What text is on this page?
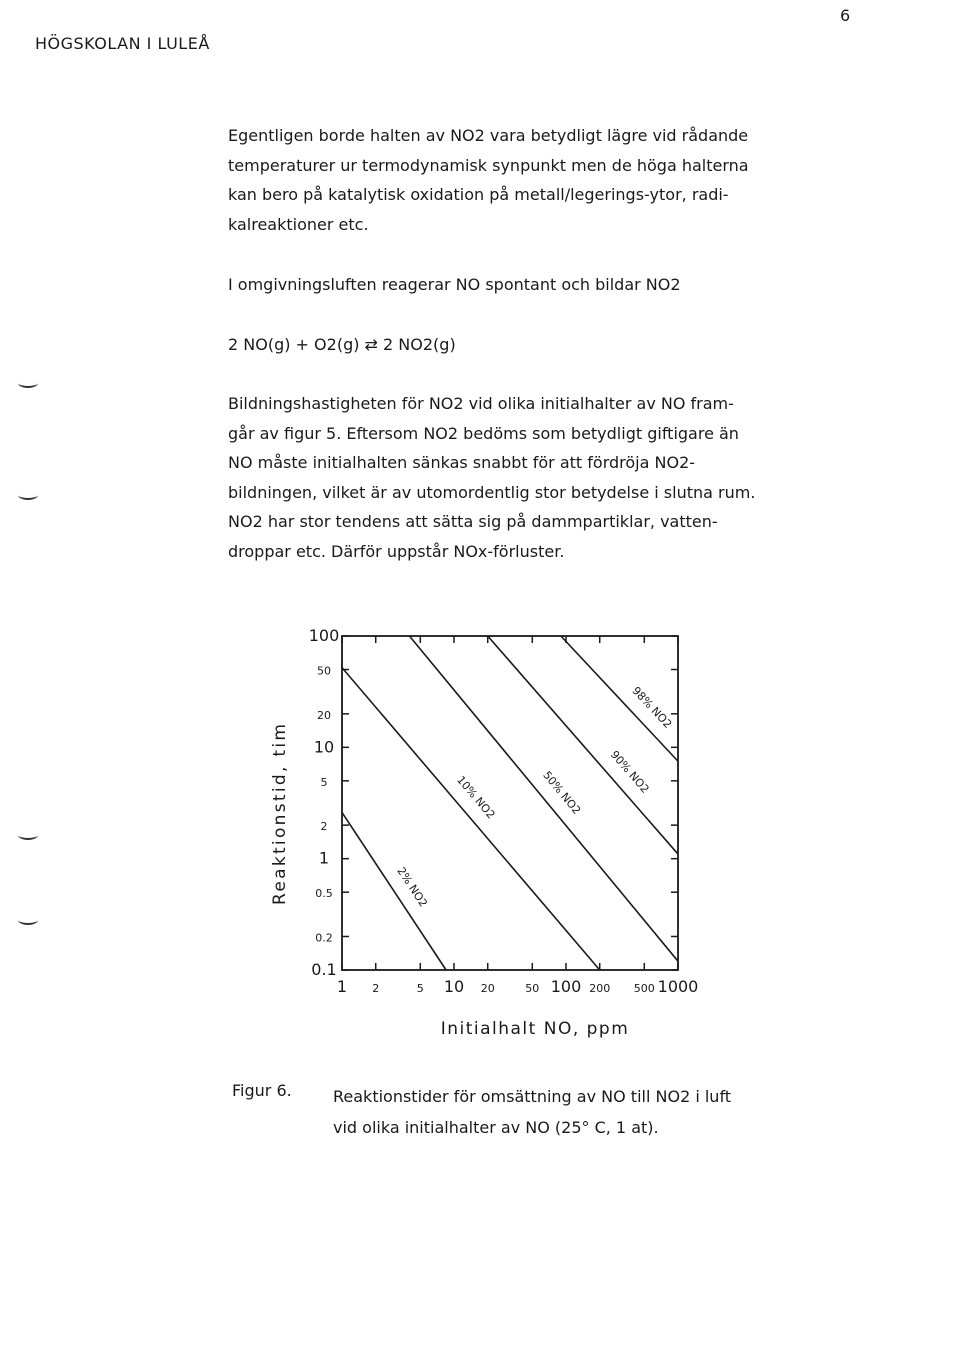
6
HÖGSKOLAN I LULEÅ

Egentligen borde halten av NO2 vara betydligt lägre vid rådande

temperaturer ur termodynamisk synpunkt men de höga halterna

kan bero på katalytisk oxidation på metall/legerings-ytor, radi-

kalreaktioner etc.

I omgivningsluften reagerar NO spontant och bildar NO2

2 NO(g) + O2(g) ⇄ 2 NO2(g)

Bildningshastigheten för NO2 vid olika initialhalter av NO fram-

går av figur 5. Eftersom NO2 bedöms som betydligt giftigare än

NO måste initialhalten sänkas snabbt för att fördröja NO2-

bildningen, vilket är av utomordentlig stor betydelse i slutna rum.

NO2 har stor tendens att sätta sig på dammpartiklar, vatten-

droppar etc. Därför uppstår NOx-förluster.

2% NO2
10% NO2	50% NO2 90% NO2
98% NO2
0.1
0.2
0.5
1
2
5
10
20
50
100
1 2	5 10 20	50 100 200 500 1000
Initialhalt NO, ppm
Reaktionstid, tim
Figur 6.	Reaktionstider för omsättning av NO till NO2 i luft
vid olika initialhalter av NO (25° C, 1 at).
